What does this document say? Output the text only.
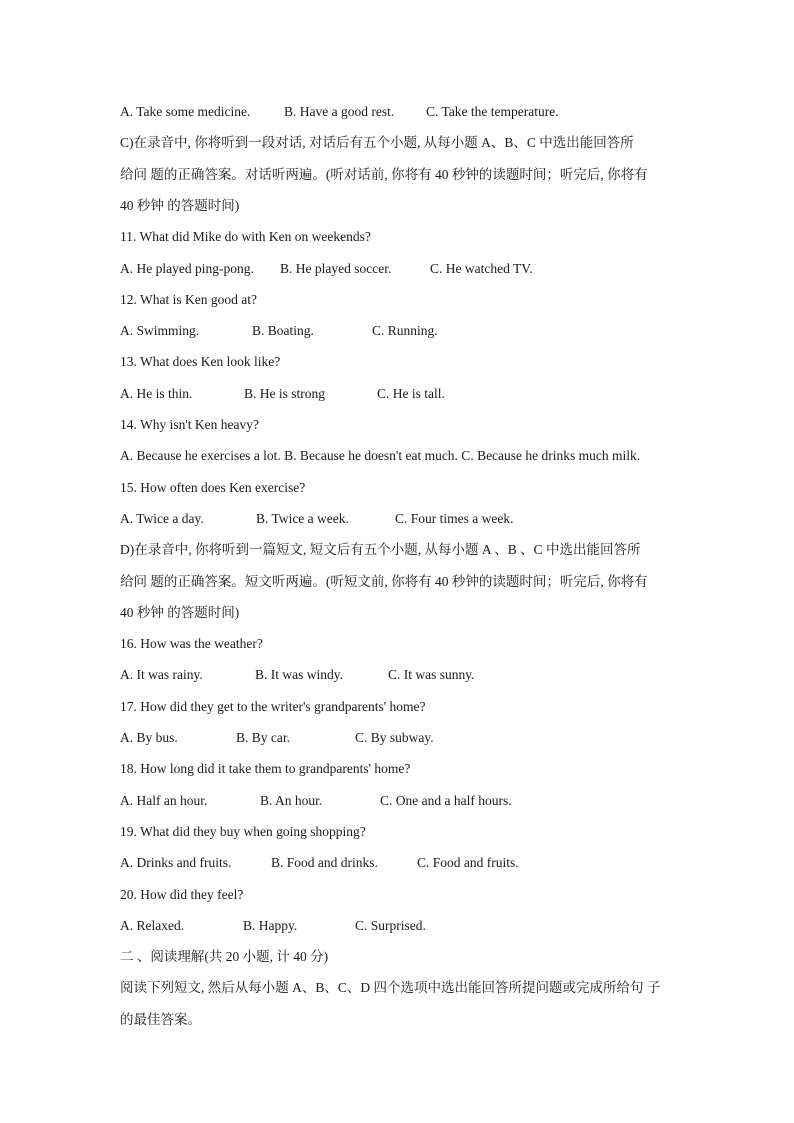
A. Take some medicine. B. Have a good rest. C. Take the temperature.
C)在录音中, 你将听到一段对话, 对话后有五个小题, 从每小题 A、B、C 中选出能回答所
给问 题的正确答案。对话听两遍。(听对话前, 你将有 40 秒钟的读题时间；听完后, 你将有
40 秒钟 的答题时间)
11. What did Mike do with Ken on weekends?
A. He played ping-pong. B. He played soccer.	C. He watched TV.
12. What is Ken good at?
A. Swimming.	B. Boating.	C. Running.
13. What does Ken look like?
A. He is thin.	B. He is strong	C. He is tall.
14. Why isn't Ken heavy?
A. Because he exercises a lot. B. Because he doesn't eat much. C. Because he drinks much milk.
15. How often does Ken exercise?
A. Twice a day.	B. Twice a week.	C. Four times a week.
D)在录音中, 你将听到一篇短文, 短文后有五个小题, 从每小题 A 、B 、C 中选出能回答所
给问 题的正确答案。短文听两遍。(听短文前, 你将有 40 秒钟的读题时间；听完后, 你将有
40 秒钟 的答题时间)
16. How was the weather?
A. It was rainy.	B. It was windy.	C. It was sunny.
17. How did they get to the writer's grandparents' home?
A. By bus.	B. By car.	C. By subway.
18. How long did it take them to grandparents' home?
A. Half an hour.	B. An hour.	C. One and a half hours.
19. What did they buy when going shopping?
A. Drinks and fruits.	B. Food and drinks.	C. Food and fruits.
20. How did they feel?
A. Relaxed.	B. Happy.	C. Surprised.
二 、阅读理解(共 20 小题, 计 40 分)
阅读下列短文, 然后从每小题 A、B、C、D 四个选项中选出能回答所提问题或完成所给句 子
的最佳答案。
